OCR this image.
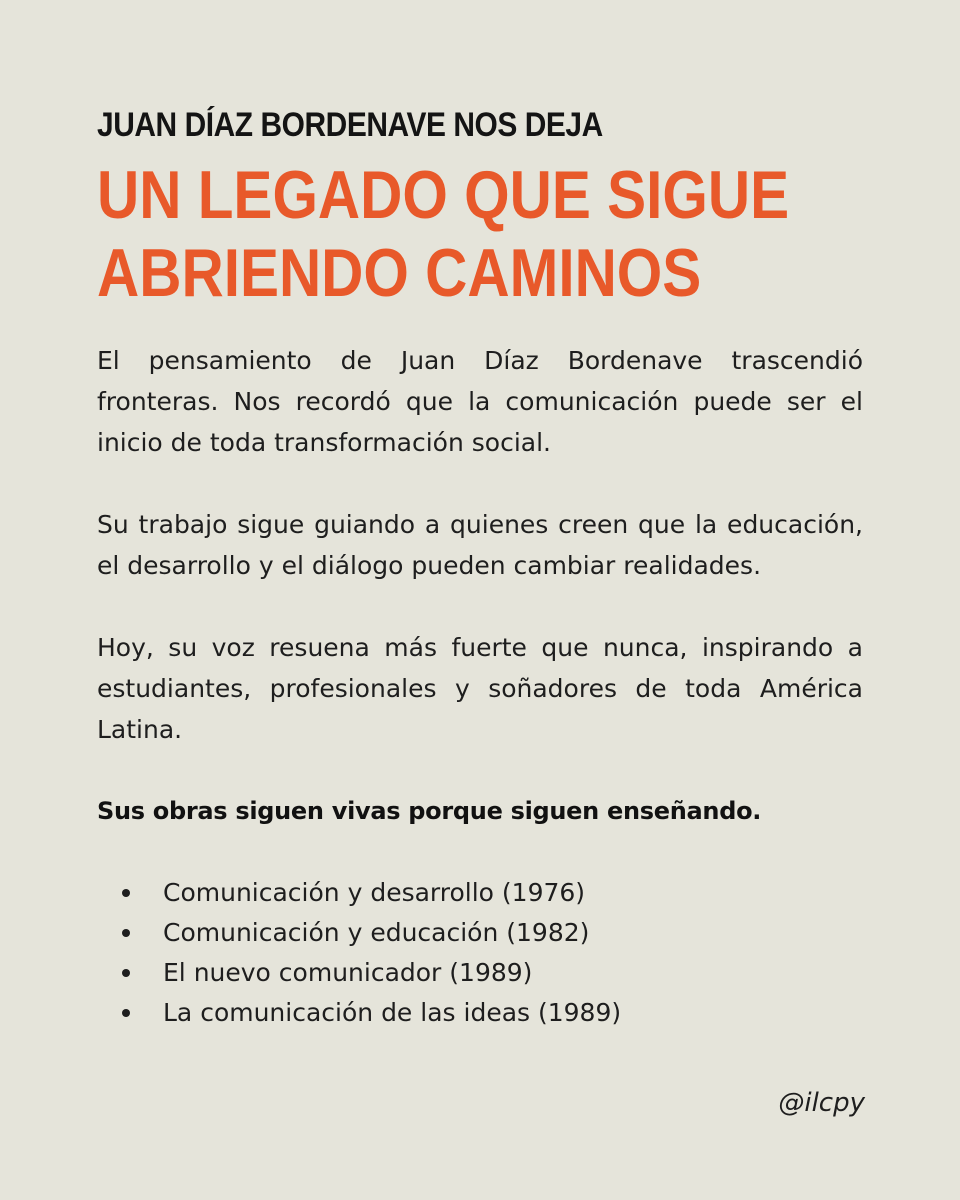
JUAN DÍAZ BORDENAVE NOS DEJA
UN LEGADO QUE SIGUE
ABRIENDO CAMINOS

El pensamiento de Juan Díaz Bordenave trascendió fronteras. Nos recordó que la comunicación puede ser el inicio de toda transformación social.

Su trabajo sigue guiando a quienes creen que la educación, el desarrollo y el diálogo pueden cambiar realidades.

Hoy, su voz resuena más fuerte que nunca, inspirando a estudiantes, profesionales y soñadores de toda América Latina.

Sus obras siguen vivas porque siguen enseñando.

Comunicación y desarrollo (1976)
Comunicación y educación (1982)
El nuevo comunicador (1989)
La comunicación de las ideas (1989)
@ilcpy
